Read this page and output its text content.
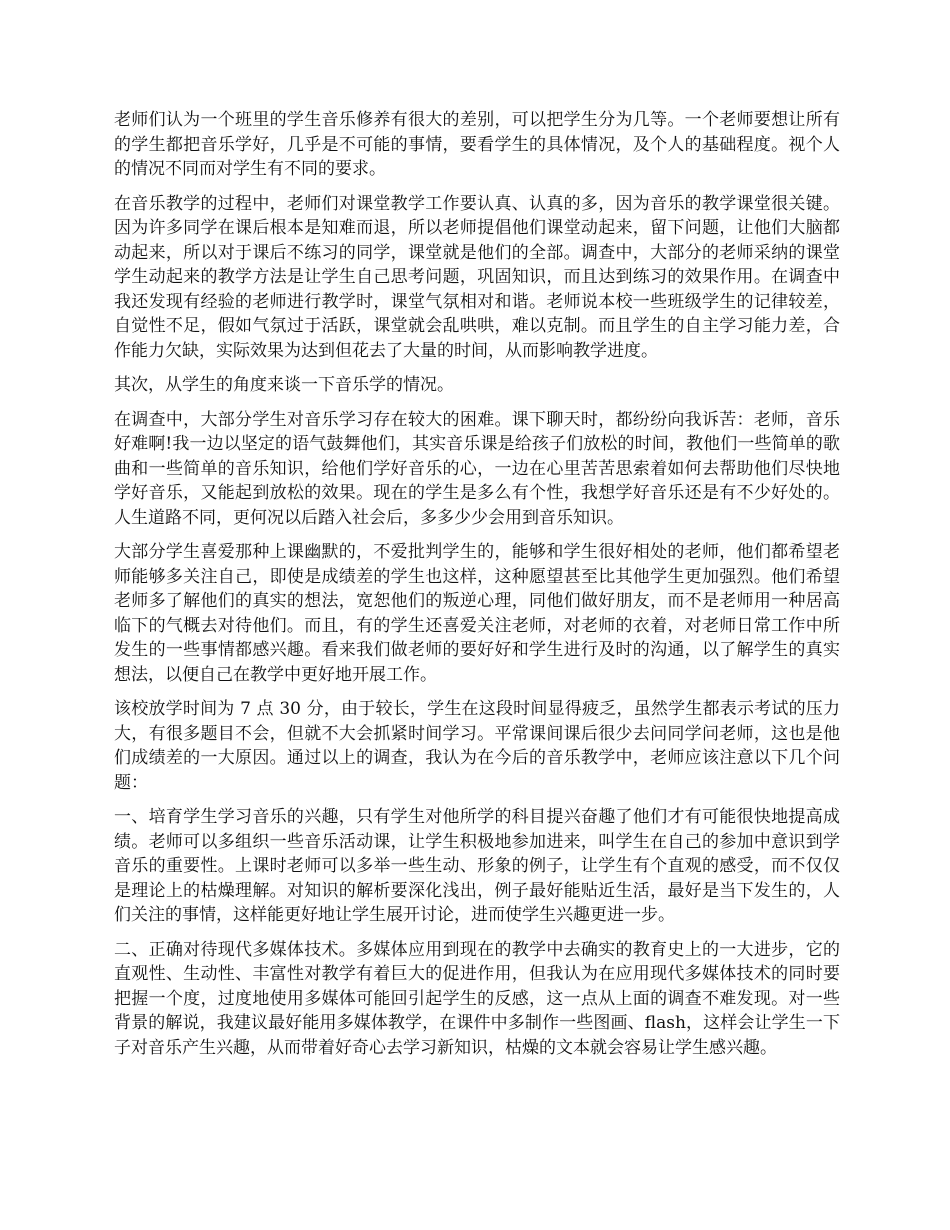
老师们认为一个班里的学生音乐修养有很大的差别，可以把学生分为几等。一个老师要想让所有的学生都把音乐学好，几乎是不可能的事情，要看学生的具体情况，及个人的基础程度。视个人的情况不同而对学生有不同的要求。

在音乐教学的过程中，老师们对课堂教学工作要认真、认真的多，因为音乐的教学课堂很关键。因为许多同学在课后根本是知难而退，所以老师提倡他们课堂动起来，留下问题，让他们大脑都动起来，所以对于课后不练习的同学，课堂就是他们的全部。调查中，大部分的老师采纳的课堂学生动起来的教学方法是让学生自己思考问题，巩固知识，而且达到练习的效果作用。在调查中我还发现有经验的老师进行教学时，课堂气氛相对和谐。老师说本校一些班级学生的记律较差，自觉性不足，假如气氛过于活跃，课堂就会乱哄哄，难以克制。而且学生的自主学习能力差，合作能力欠缺，实际效果为达到但花去了大量的时间，从而影响教学进度。

其次，从学生的角度来谈一下音乐学的情况。

在调查中，大部分学生对音乐学习存在较大的困难。课下聊天时，都纷纷向我诉苦：老师，音乐好难啊!我一边以坚定的语气鼓舞他们，其实音乐课是给孩子们放松的时间，教他们一些简单的歌曲和一些简单的音乐知识，给他们学好音乐的心，一边在心里苦苦思索着如何去帮助他们尽快地学好音乐，又能起到放松的效果。现在的学生是多么有个性，我想学好音乐还是有不少好处的。人生道路不同，更何况以后踏入社会后，多多少少会用到音乐知识。

大部分学生喜爱那种上课幽默的，不爱批判学生的，能够和学生很好相处的老师，他们都希望老师能够多关注自己，即使是成绩差的学生也这样，这种愿望甚至比其他学生更加强烈。他们希望老师多了解他们的真实的想法，宽恕他们的叛逆心理，同他们做好朋友，而不是老师用一种居高临下的气概去对待他们。而且，有的学生还喜爱关注老师，对老师的衣着，对老师日常工作中所发生的一些事情都感兴趣。看来我们做老师的要好好和学生进行及时的沟通，以了解学生的真实想法，以便自己在教学中更好地开展工作。

该校放学时间为 7 点 30 分，由于较长，学生在这段时间显得疲乏，虽然学生都表示考试的压力大，有很多题目不会，但就不大会抓紧时间学习。平常课间课后很少去问同学问老师，这也是他们成绩差的一大原因。通过以上的调查，我认为在今后的音乐教学中，老师应该注意以下几个问题：

一、培育学生学习音乐的兴趣，只有学生对他所学的科目提兴奋趣了他们才有可能很快地提高成绩。老师可以多组织一些音乐活动课，让学生积极地参加进来，叫学生在自己的参加中意识到学音乐的重要性。上课时老师可以多举一些生动、形象的例子，让学生有个直观的感受，而不仅仅是理论上的枯燥理解。对知识的解析要深化浅出，例子最好能贴近生活，最好是当下发生的，人们关注的事情，这样能更好地让学生展开讨论，进而使学生兴趣更进一步。

二、正确对待现代多媒体技术。多媒体应用到现在的教学中去确实的教育史上的一大进步，它的直观性、生动性、丰富性对教学有着巨大的促进作用，但我认为在应用现代多媒体技术的同时要把握一个度，过度地使用多媒体可能回引起学生的反感，这一点从上面的调查不难发现。对一些背景的解说，我建议最好能用多媒体教学，在课件中多制作一些图画、flash，这样会让学生一下子对音乐产生兴趣，从而带着好奇心去学习新知识，枯燥的文本就会容易让学生感兴趣。
